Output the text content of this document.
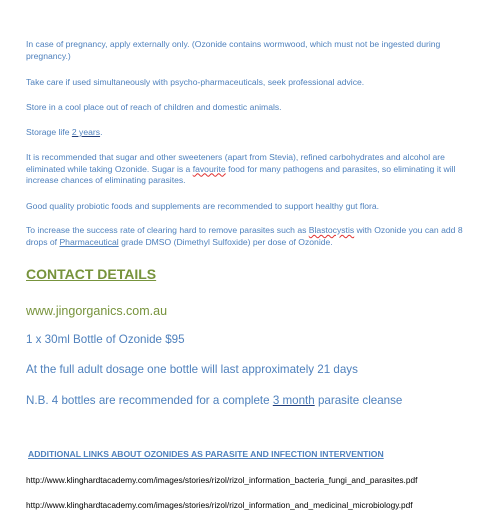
In case of pregnancy, apply externally only. (Ozonide contains wormwood, which must not be ingested during pregnancy.)

Take care if used simultaneously with psycho-pharmaceuticals, seek professional advice.

Store in a cool place out of reach of children and domestic animals.

Storage life 2 years.

It is recommended that sugar and other sweeteners (apart from Stevia), refined carbohydrates and alcohol are eliminated while taking Ozonide. Sugar is a favourite food for many pathogens and parasites, so eliminating it will increase chances of eliminating parasites.

Good quality probiotic foods and supplements are recommended to support healthy gut flora.

To increase the success rate of clearing hard to remove parasites such as Blastocystis with Ozonide you can add 8 drops of Pharmaceutical grade DMSO (Dimethyl Sulfoxide) per dose of Ozonide.

CONTACT DETAILS

www.jingorganics.com.au

1 x 30ml Bottle of Ozonide $95

At the full adult dosage one bottle will last approximately 21 days

N.B. 4 bottles are recommended for a complete 3 month parasite cleanse

ADDITIONAL LINKS ABOUT OZONIDES AS PARASITE AND INFECTION INTERVENTION

http://www.klinghardtacademy.com/images/stories/rizol/rizol_information_bacteria_fungi_and_parasites.pdf

http://www.klinghardtacademy.com/images/stories/rizol/rizol_information_and_medicinal_microbiology.pdf
